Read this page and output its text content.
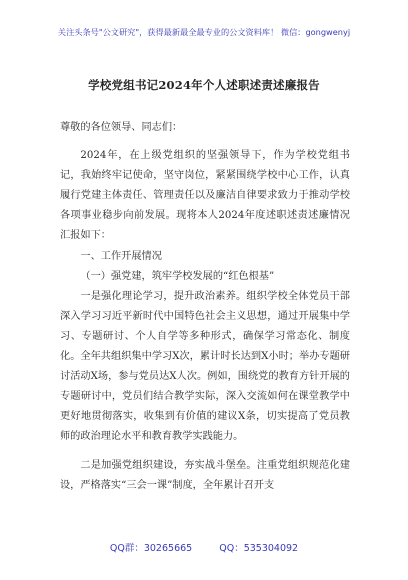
关注头条号"公文研究"，获得最新最全最专业的公文资料库！ 微信：gongwenyj
学校党组书记2024年个人述职述责述廉报告

尊敬的各位领导、同志们：

2024年，在上级党组织的坚强领导下，作为学校党组书记，我始终牢记使命，坚守岗位，紧紧围绕学校中心工作，认真履行党建主体责任、管理责任以及廉洁自律要求致力于推动学校各项事业稳步向前发展。现将本人2024年度述职述责述廉情况汇报如下：

一、工作开展情况

（一）强党建，筑牢学校发展的“红色根基”

一是强化理论学习，提升政治素养。组织学校全体党员干部深入学习习近平新时代中国特色社会主义思想，通过开展集中学习、专题研讨、个人自学等多种形式，确保学习常态化、制度化。全年共组织集中学习X次，累计时长达到X小时；举办专题研讨活动X场，参与党员达X人次。例如，围绕党的教育方针开展的专题研讨中，党员们结合教学实际，深入交流如何在课堂教学中更好地贯彻落实，收集到有价值的建议X条，切实提高了党员教师的政治理论水平和教育教学实践能力。

二是加强党组织建设，夯实战斗堡垒。注重党组织规范化建设，严格落实“三会一课”制度，全年累计召开支

QQ群：30265665	QQ：535304092
